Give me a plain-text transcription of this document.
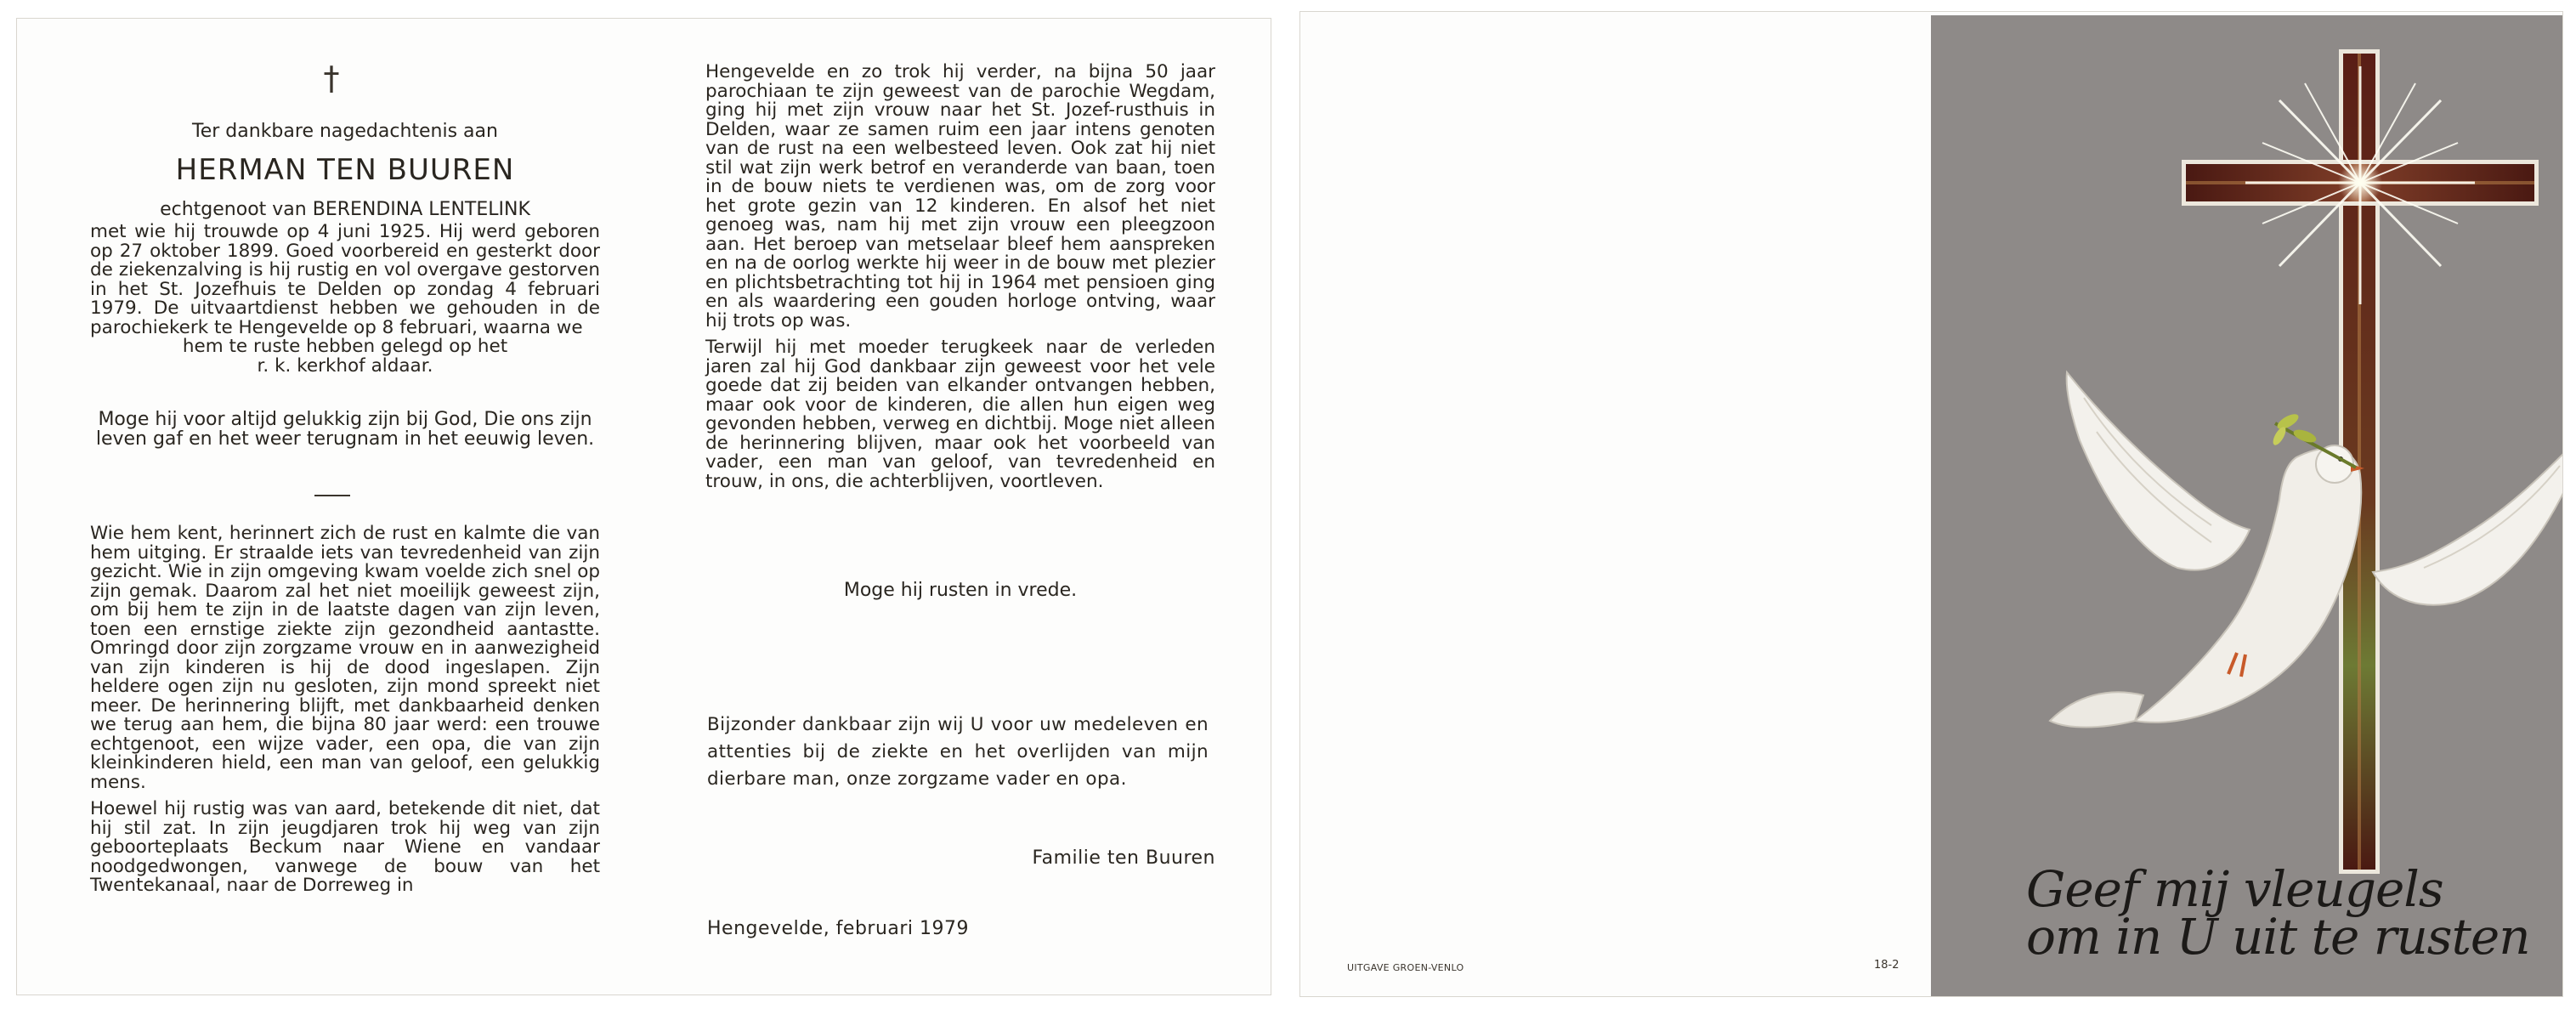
†
Ter dankbare nagedachtenis aan
HERMAN TEN BUUREN
echtgenoot van BERENDINA LENTELINK
met wie hij trouwde op 4 juni 1925. Hij werd geboren op 27 oktober 1899. Goed voorbereid en gesterkt door de ziekenzalving is hij rustig en vol overgave gestorven in het St. Jozefhuis te Delden op zondag 4 februari 1979. De uitvaartdienst hebben we gehouden in de parochiekerk te Hengevelde op 8 februari, waarna we
hem te ruste hebben gelegd op het
r. k. kerkhof aldaar.
Moge hij voor altijd gelukkig zijn bij God, Die ons zijn leven gaf en het weer terugnam in het eeuwig leven.

Wie hem kent, herinnert zich de rust en kalmte die van hem uitging. Er straalde iets van tevredenheid van zijn gezicht. Wie in zijn omgeving kwam voelde zich snel op zijn gemak. Daarom zal het niet moeilijk geweest zijn, om bij hem te zijn in de laatste dagen van zijn leven, toen een ernstige ziekte zijn gezondheid aantastte. Omringd door zijn zorgzame vrouw en in aanwezigheid van zijn kinderen is hij de dood ingeslapen. Zijn heldere ogen zijn nu gesloten, zijn mond spreekt niet meer. De herinnering blijft, met dankbaarheid denken we terug aan hem, die bijna 80 jaar werd: een trouwe echtgenoot, een wijze vader, een opa, die van zijn kleinkinderen hield, een man van geloof, een gelukkig mens.

Hoewel hij rustig was van aard, betekende dit niet, dat hij stil zat. In zijn jeugdjaren trok hij weg van zijn geboorteplaats Beckum naar Wiene en vandaar noodgedwongen, vanwege de bouw van het Twentekanaal, naar de Dorreweg in

Hengevelde en zo trok hij verder, na bijna 50 jaar parochiaan te zijn geweest van de parochie Wegdam, ging hij met zijn vrouw naar het St. Jozef-rusthuis in Delden, waar ze samen ruim een jaar intens genoten van de rust na een welbesteed leven. Ook zat hij niet stil wat zijn werk betrof en veranderde van baan, toen in de bouw niets te verdienen was, om de zorg voor het grote gezin van 12 kinderen. En alsof het niet genoeg was, nam hij met zijn vrouw een pleegzoon aan. Het beroep van metselaar bleef hem aanspreken en na de oorlog werkte hij weer in de bouw met plezier en plichtsbetrachting tot hij in 1964 met pensioen ging en als waardering een gouden horloge ontving, waar hij trots op was.

Terwijl hij met moeder terugkeek naar de verleden jaren zal hij God dankbaar zijn geweest voor het vele goede dat zij beiden van elkander ontvangen hebben, maar ook voor de kinderen, die allen hun eigen weg gevonden hebben, verweg en dichtbij. Moge niet alleen de herinnering blijven, maar ook het voorbeeld van vader, een man van geloof, van tevredenheid en trouw, in ons, die achterblijven, voortleven.

Moge hij rusten in vrede.
Bijzonder dankbaar zijn wij U voor uw medeleven en attenties bij de ziekte en het overlijden van mijn dierbare man, onze zorgzame vader en opa.
Familie ten Buuren
Hengevelde, februari 1979
UITGAVE GROEN-VENLO	18-2
Geef mij vleugels
om in U uit te rusten
